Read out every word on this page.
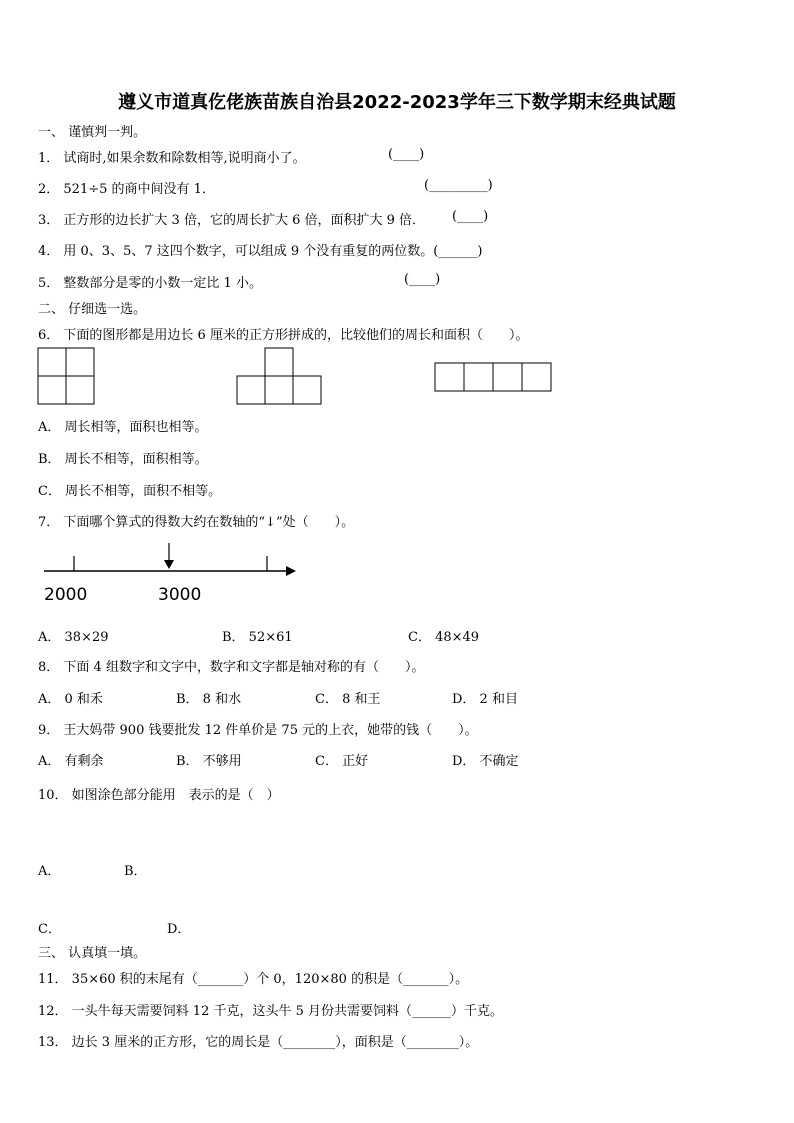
遵义市道真仡佬族苗族自治县2022-2023学年三下数学期末经典试题
一、 谨慎判一判。
1． 试商时,如果余数和除数相等,说明商小了。	(____)
2． 521÷5 的商中间没有 1．	(_________)
3． 正方形的边长扩大 3 倍，它的周长扩大 6 倍，面积扩大 9 倍． (____)
4． 用 0、3、5、7 这四个数字，可以组成 9 个没有重复的两位数。(______)
5． 整数部分是零的小数一定比 1 小。	(____)
二、 仔细选一选。
6． 下面的图形都是用边长 6 厘米的正方形拼成的，比较他们的周长和面积（　　）。
A． 周长相等，面积也相等。
B． 周长不相等，面积相等。
C． 周长不相等，面积不相等。
7． 下面哪个算式的得数大约在数轴的“↓”处（　　）。
2000	3000
A． 38×29	B． 52×61	C． 48×49
8． 下面 4 组数字和文字中，数字和文字都是轴对称的有（　　）。
A． 0 和禾	B． 8 和水	C． 8 和王	D． 2 和目
9． 王大妈带 900 钱要批发 12 件单价是 75 元的上衣，她带的钱（　　）。
A． 有剩余	B． 不够用	C． 正好	D． 不确定
10． 如图涂色部分能用　表示的是（　）
A．	B．
C．	D．
三、 认真填一填。
11． 35×60 积的末尾有（_______）个 0，120×80 的积是（_______）。
12． 一头牛每天需要饲料 12 千克，这头牛 5 月份共需要饲料（______）千克。
13． 边长 3 厘米的正方形，它的周长是（________），面积是（________）。
